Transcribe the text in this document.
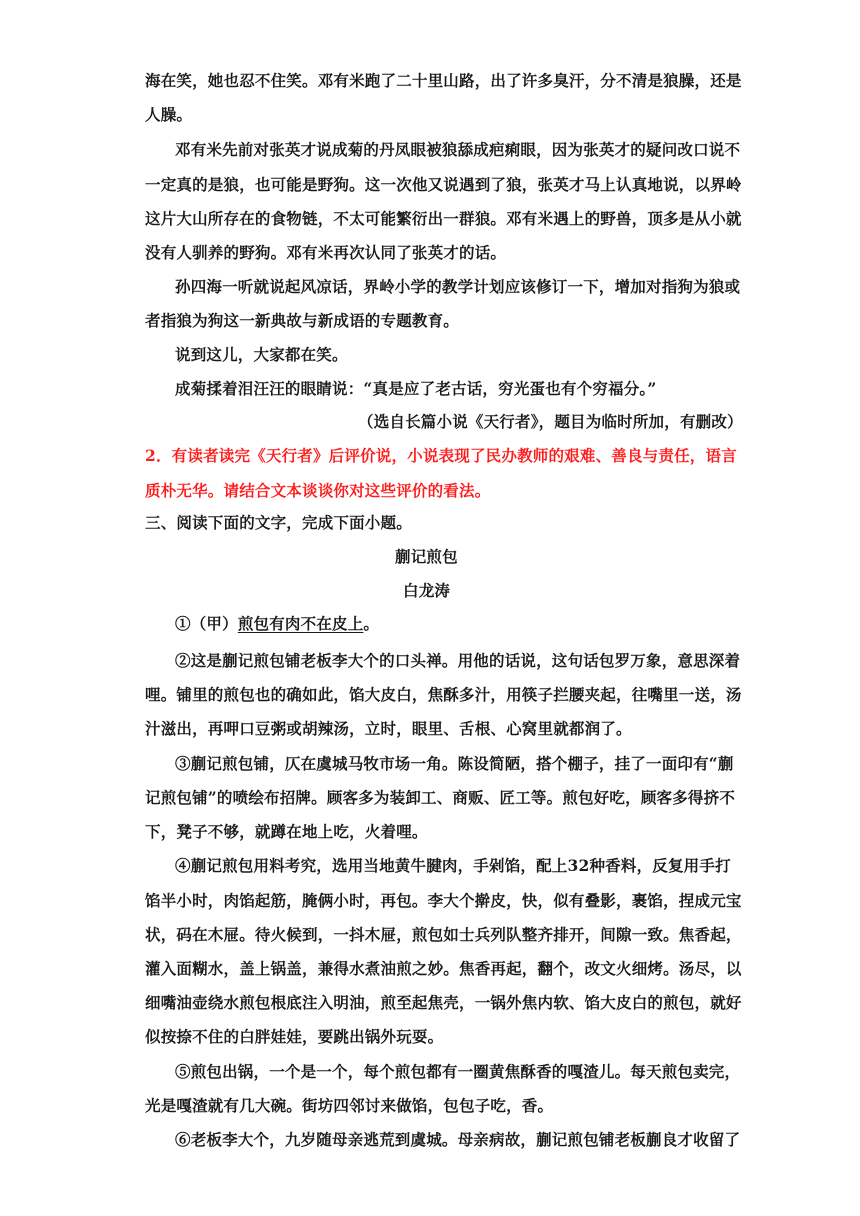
海在笑，她也忍不住笑。邓有米跑了二十里山路，出了许多臭汗，分不清是狼臊，还是
人臊。
邓有米先前对张英才说成菊的丹凤眼被狼舔成疤痢眼，因为张英才的疑问改口说不
一定真的是狼，也可能是野狗。这一次他又说遇到了狼，张英才马上认真地说，以界岭
这片大山所存在的食物链，不太可能繁衍出一群狼。邓有米遇上的野兽，顶多是从小就
没有人驯养的野狗。邓有米再次认同了张英才的话。
孙四海一听就说起风凉话，界岭小学的教学计划应该修订一下，增加对指狗为狼或
者指狼为狗这一新典故与新成语的专题教育。
说到这儿，大家都在笑。
成菊揉着泪汪汪的眼睛说：“真是应了老古话，穷光蛋也有个穷福分。”
（选自长篇小说《天行者》，题目为临时所加，有删改）
2．有读者读完《天行者》后评价说，小说表现了民办教师的艰难、善良与责任，语言
质朴无华。请结合文本谈谈你对这些评价的看法。
三、阅读下面的文字，完成下面小题。
蒯记煎包
白龙涛
①（甲）煎包有肉不在皮上。
②这是蒯记煎包铺老板李大个的口头禅。用他的话说，这句话包罗万象，意思深着
哩。铺里的煎包也的确如此，馅大皮白，焦酥多汁，用筷子拦腰夹起，往嘴里一送，汤
汁滋出，再呷口豆粥或胡辣汤，立时，眼里、舌根、心窝里就都润了。
③蒯记煎包铺，仄在虞城马牧市场一角。陈设简陋，搭个棚子，挂了一面印有“蒯
记煎包铺”的喷绘布招牌。顾客多为装卸工、商贩、匠工等。煎包好吃，顾客多得挤不
下，凳子不够，就蹲在地上吃，火着哩。
④蒯记煎包用料考究，选用当地黄牛腱肉，手剁馅，配上32种香料，反复用手打
馅半小时，肉馅起筋，腌俩小时，再包。李大个擀皮，快，似有叠影，裹馅，捏成元宝
状，码在木屉。待火候到，一抖木屉，煎包如士兵列队整齐排开，间隙一致。焦香起，
灌入面糊水，盖上锅盖，兼得水煮油煎之妙。焦香再起，翻个，改文火细烤。汤尽，以
细嘴油壶绕水煎包根底注入明油，煎至起焦壳，一锅外焦内软、馅大皮白的煎包，就好
似按捺不住的白胖娃娃，要跳出锅外玩耍。
⑤煎包出锅，一个是一个，每个煎包都有一圈黄焦酥香的嘎渣儿。每天煎包卖完，
光是嘎渣就有几大碗。街坊四邻讨来做馅，包包子吃，香。
⑥老板李大个，九岁随母亲逃荒到虞城。母亲病故，蒯记煎包铺老板蒯良才收留了
